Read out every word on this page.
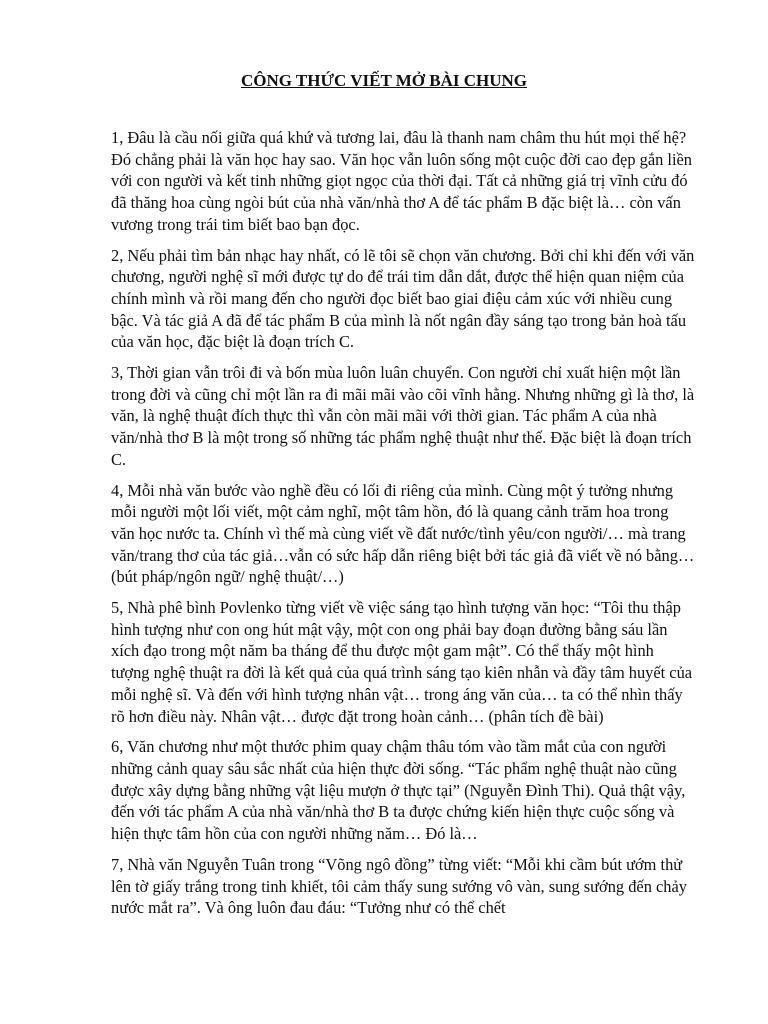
CÔNG THỨC VIẾT MỞ BÀI CHUNG

1, Đâu là cầu nối giữa quá khứ và tương lai, đâu là thanh nam châm thu hút mọi thế hệ? Đó chẳng phải là văn học hay sao. Văn học vẫn luôn sống một cuộc đời cao đẹp gắn liền với con người và kết tinh những giọt ngọc của thời đại. Tất cả những giá trị vĩnh cửu đó đã thăng hoa cùng ngòi bút của nhà văn/nhà thơ A để tác phẩm B đặc biệt là… còn vấn vương trong trái tim biết bao bạn đọc.

2, Nếu phải tìm bản nhạc hay nhất, có lẽ tôi sẽ chọn văn chương. Bởi chỉ khi đến với văn chương, người nghệ sĩ mới được tự do để trái tim dẫn dắt, được thể hiện quan niệm của chính mình và rồi mang đến cho người đọc biết bao giai điệu cảm xúc với nhiều cung bậc. Và tác giả A đã để tác phẩm B của mình là nốt ngân đầy sáng tạo trong bản hoà tấu của văn học, đặc biệt là đoạn trích C.

3, Thời gian vẫn trôi đi và bốn mùa luôn luân chuyển. Con người chỉ xuất hiện một lần trong đời và cũng chỉ một lần ra đi mãi mãi vào cõi vĩnh hằng. Nhưng những gì là thơ, là văn, là nghệ thuật đích thực thì vẫn còn mãi mãi với thời gian. Tác phẩm A của nhà văn/nhà thơ B là một trong số những tác phẩm nghệ thuật như thế. Đặc biệt là đoạn trích C.

4, Mỗi nhà văn bước vào nghề đều có lối đi riêng của mình. Cùng một ý tưởng nhưng mỗi người một lối viết, một cảm nghĩ, một tâm hồn, đó là quang cảnh trăm hoa trong văn học nước ta. Chính vì thế mà cùng viết về đất nước/tình yêu/con người/… mà trang văn/trang thơ của tác giả…vẫn có sức hấp dẫn riêng biệt bởi tác giả đã viết về nó bằng… (bút pháp/ngôn ngữ/ nghệ thuật/…)

5, Nhà phê bình Povlenko từng viết về việc sáng tạo hình tượng văn học: “Tôi thu thập hình tượng như con ong hút mật vậy, một con ong phải bay đoạn đường bằng sáu lần xích đạo trong một năm ba tháng để thu được một gam mật”. Có thể thấy một hình tượng nghệ thuật ra đời là kết quả của quá trình sáng tạo kiên nhẫn và đầy tâm huyết của mỗi nghệ sĩ. Và đến với hình tượng nhân vật… trong áng văn của… ta có thể nhìn thấy rõ hơn điều này. Nhân vật… được đặt trong hoàn cảnh… (phân tích đề bài)

6, Văn chương như một thước phim quay chậm thâu tóm vào tầm mắt của con người những cảnh quay sâu sắc nhất của hiện thực đời sống. “Tác phẩm nghệ thuật nào cũng được xây dựng bằng những vật liệu mượn ở thực tại” (Nguyễn Đình Thi). Quả thật vậy, đến với tác phẩm A của nhà văn/nhà thơ B ta được chứng kiến hiện thực cuộc sống và hiện thực tâm hồn của con người những năm… Đó là…

7, Nhà văn Nguyễn Tuân trong “Võng ngô đồng” từng viết: “Mỗi khi cầm bút ướm thử lên tờ giấy trắng trong tinh khiết, tôi cảm thấy sung sướng vô vàn, sung sướng đến chảy nước mắt ra”. Và ông luôn đau đáu: “Tưởng như có thể chết
